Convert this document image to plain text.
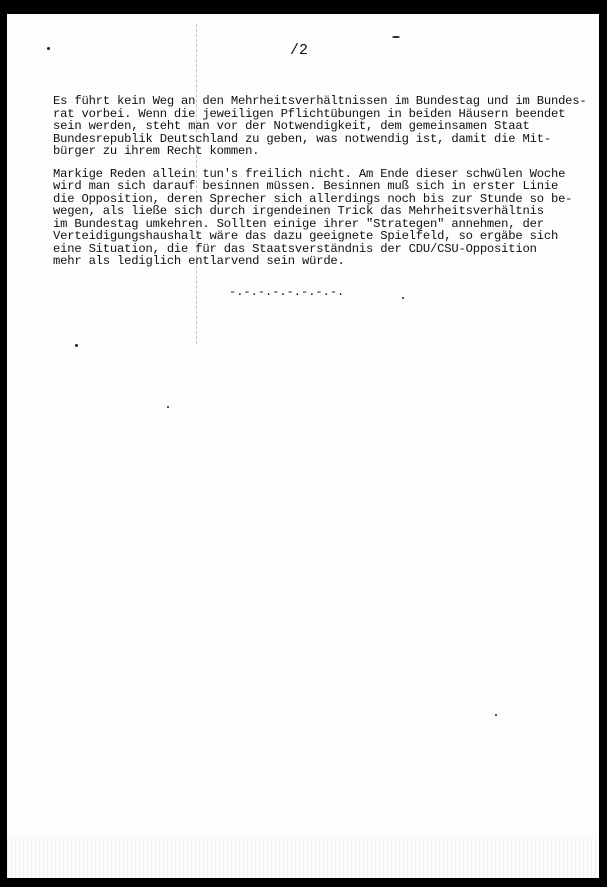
/2

Es führt kein Weg an den Mehrheitsverhältnissen im Bundestag und im Bundes-
rat vorbei. Wenn die jeweiligen Pflichtübungen in beiden Häusern beendet
sein werden, steht man vor der Notwendigkeit, dem gemeinsamen Staat
Bundesrepublik Deutschland zu geben, was notwendig ist, damit die Mit-
bürger zu ihrem Recht kommen.

Markige Reden allein tun's freilich nicht. Am Ende dieser schwülen Woche
wird man sich darauf besinnen müssen. Besinnen muß sich in erster Linie
die Opposition, deren Sprecher sich allerdings noch bis zur Stunde so be-
wegen, als ließe sich durch irgendeinen Trick das Mehrheitsverhältnis
im Bundestag umkehren. Sollten einige ihrer "Strategen" annehmen, der
Verteidigungshaushalt wäre das dazu geeignete Spielfeld, so ergäbe sich
eine Situation, die für das Staatsverständnis der CDU/CSU-Opposition
mehr als lediglich entlarvend sein würde.

-.-.-.-.-.-.-.-.
